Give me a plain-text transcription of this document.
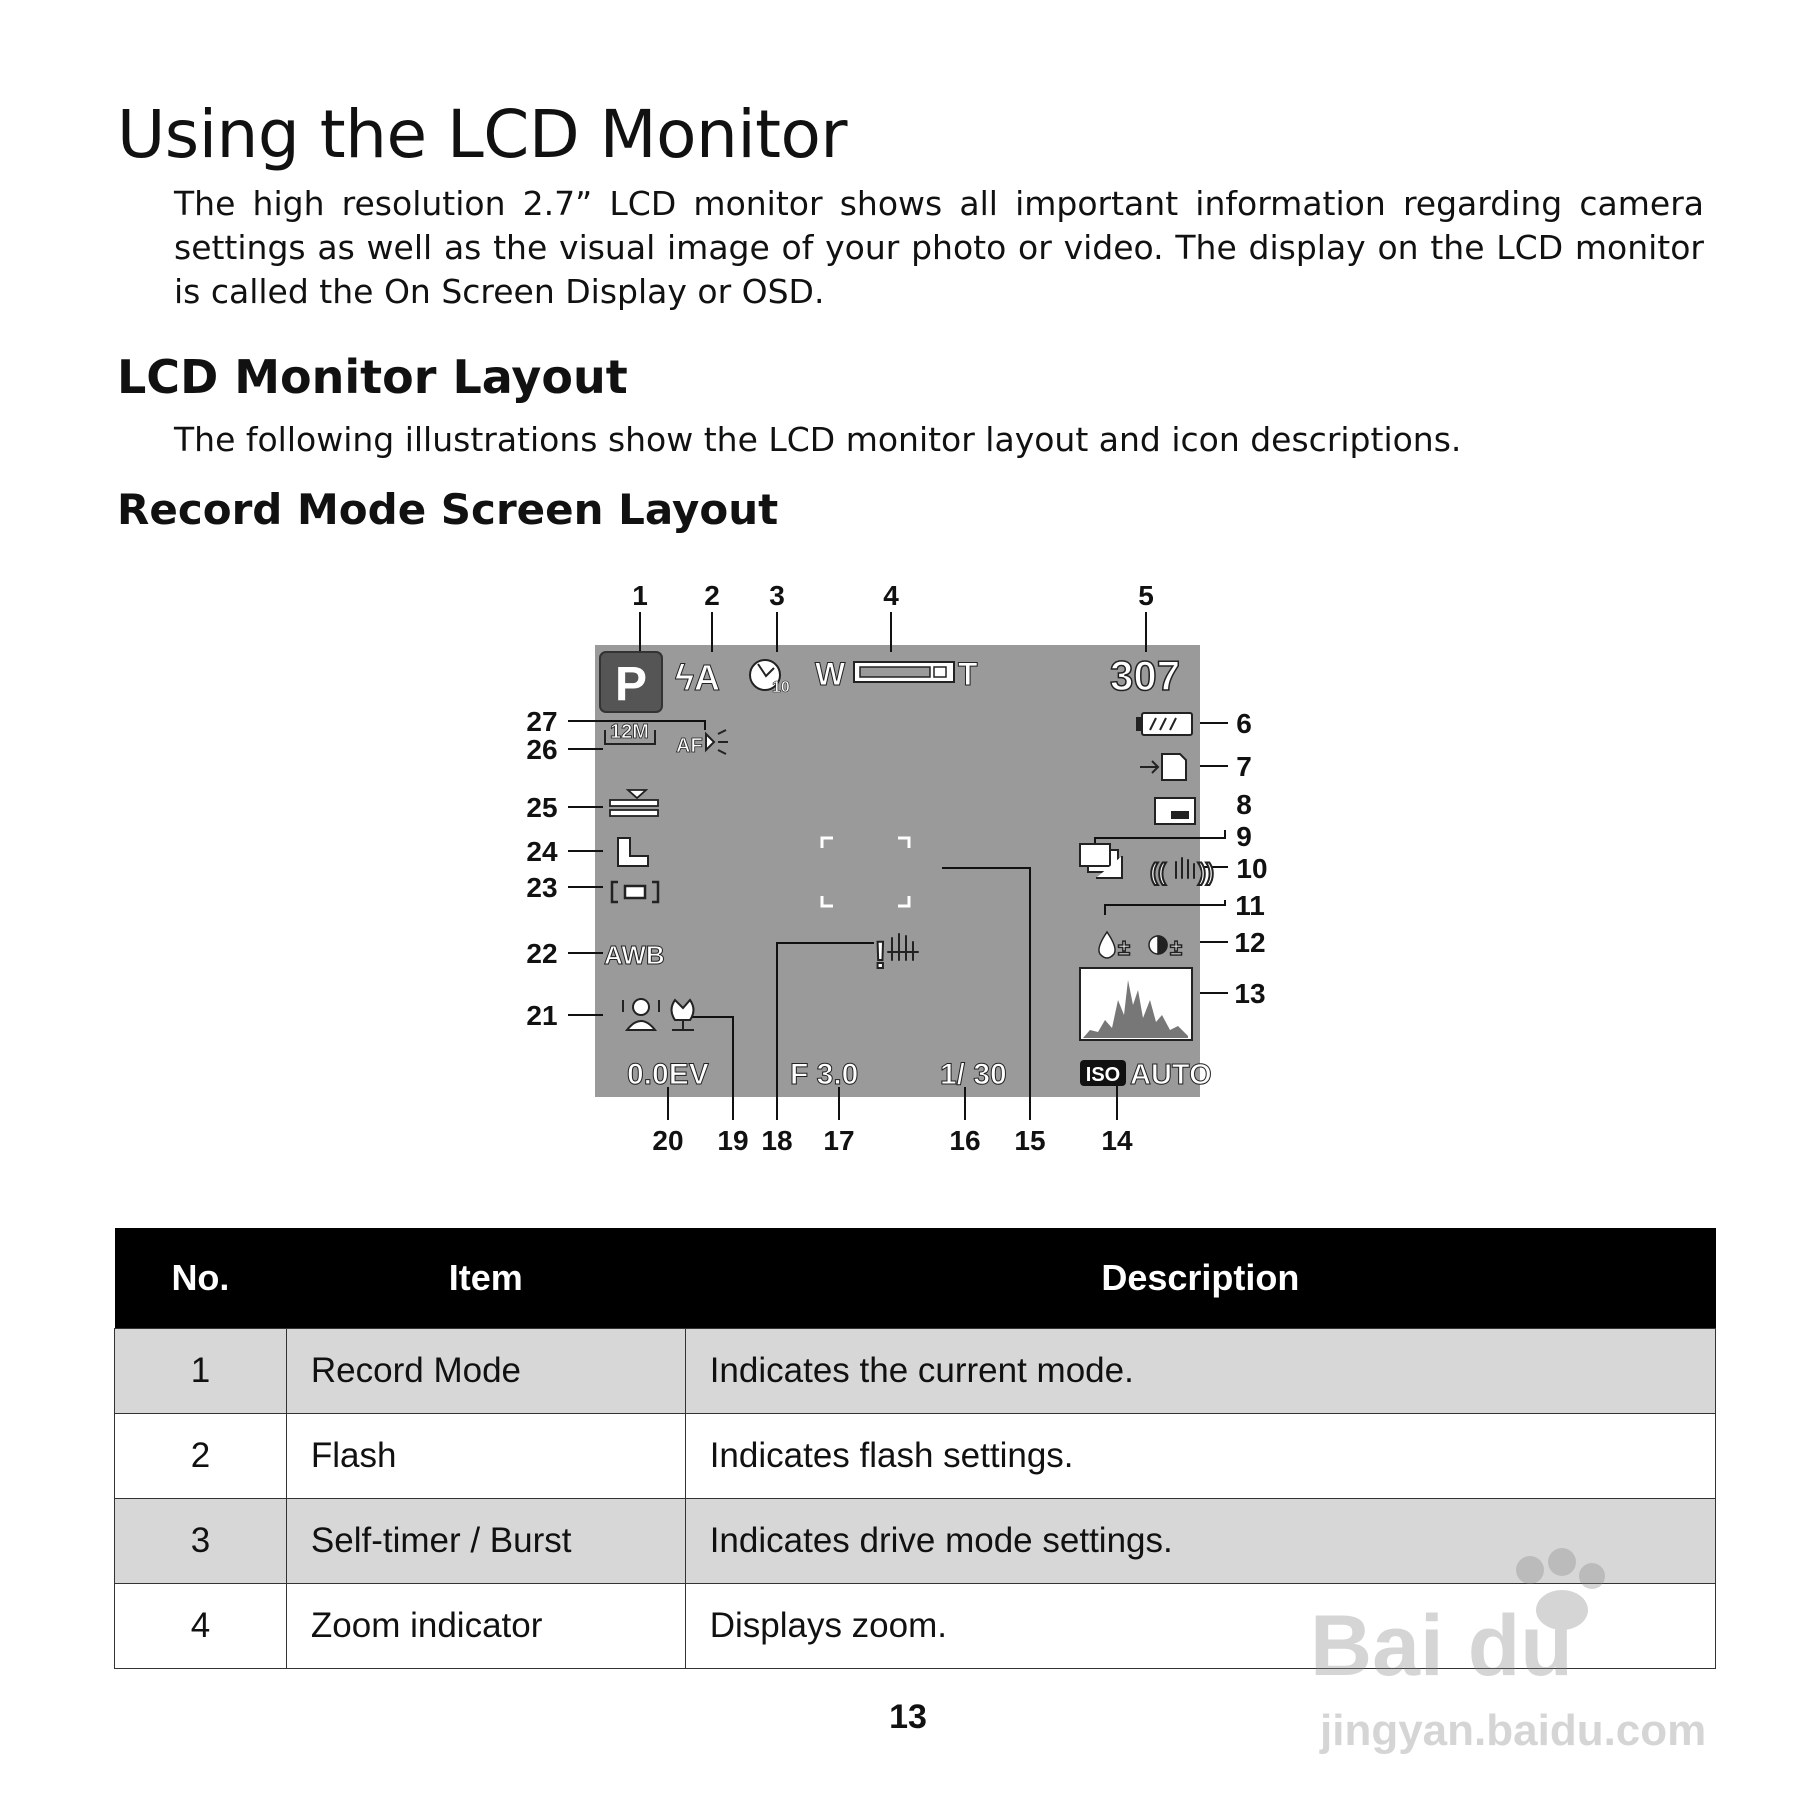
Using the LCD Monitor
The high resolution 2.7” LCD monitor shows all important information regarding camera settings as well as the visual image of your photo or video. The display on the LCD monitor is called the On Screen Display or OSD.
LCD Monitor Layout
The following illustrations show the LCD monitor layout and icon descriptions.
Record Mode Screen Layout
1 2 3	4	5
6
7
8
9
10
11
12
13
14
15
16
17
18
19
20
21
22
23
24
25
26
27
P ϟA	10 W	T	307
(( ))
± ±
ISO AUTO
1/ 30
F 3.0
0.0EV
!
AWB
12M
AF
No.	Item	Description
1	Record Mode	Indicates the current mode.
2	Flash	Indicates flash settings.
3	Self-timer / Burst	Indicates drive mode settings.
4	Zoom indicator	Displays zoom.
13
Bai du
jingyan.baidu.com
